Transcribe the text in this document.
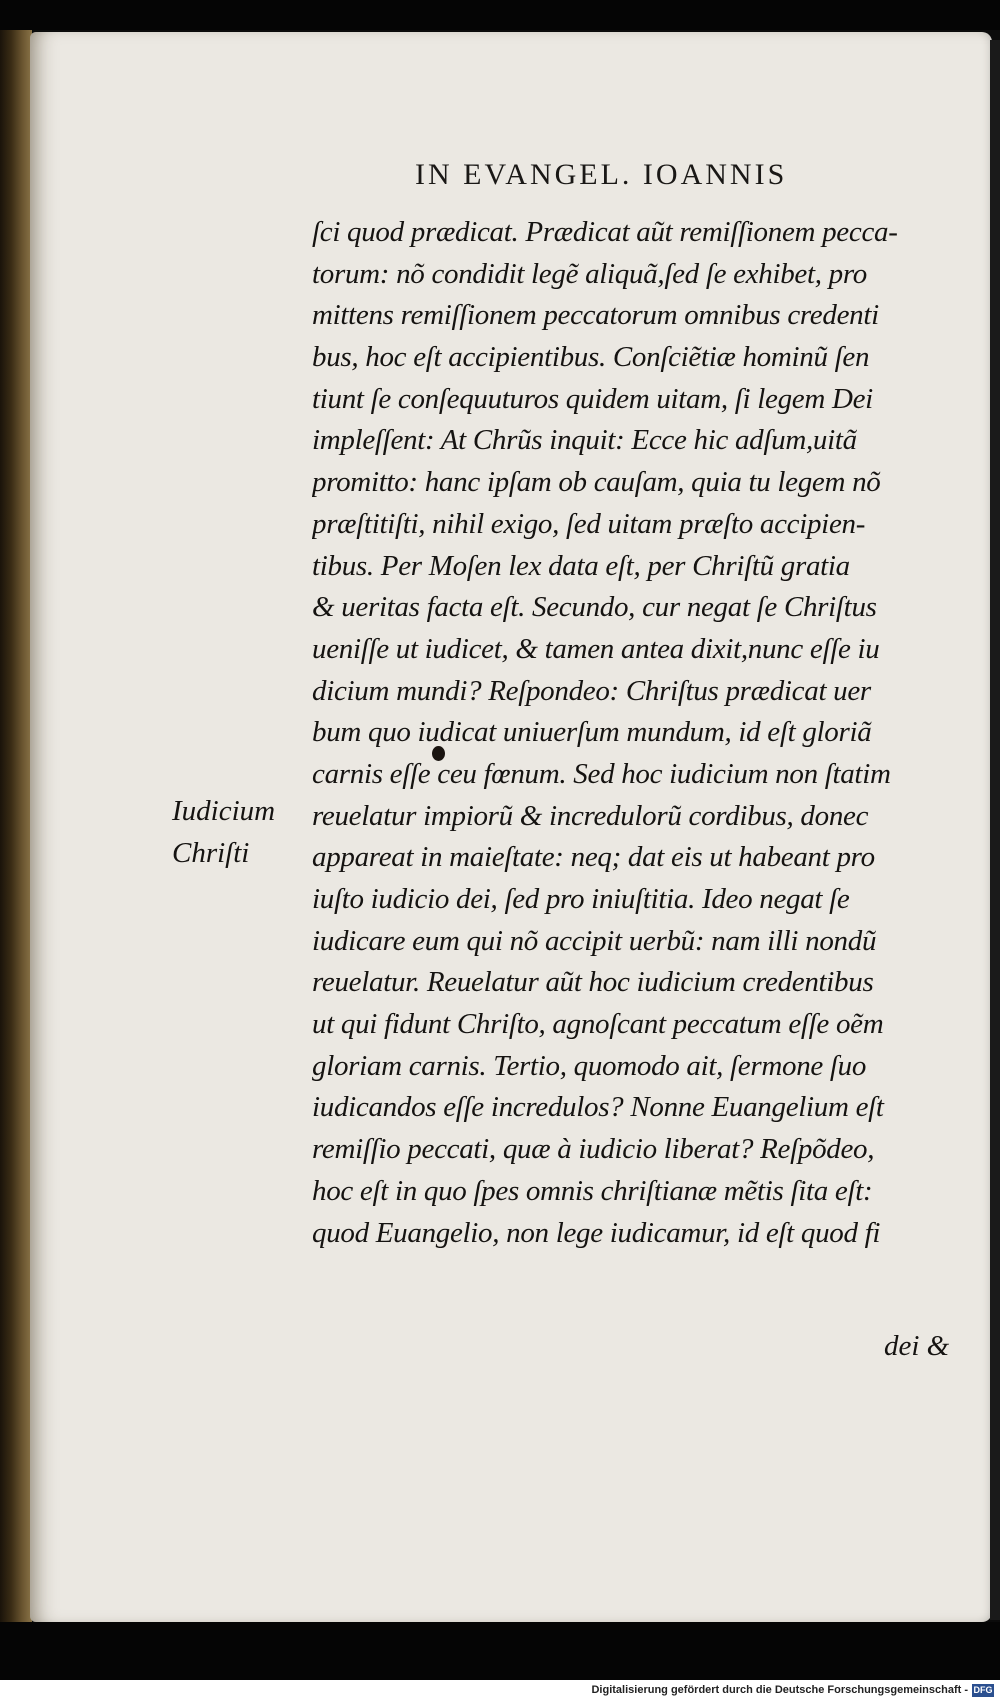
IN EVANGEL. IOANNIS
Iudicium
Chriſti
ſci quod prædicat. Prædicat aũt remiſſionem pecca-
torum: nõ condidit legẽ aliquã,ſed ſe exhibet, pro
mittens remiſſionem peccatorum omnibus credenti
bus, hoc eſt accipientibus. Conſciẽtiæ hominũ ſen
tiunt ſe conſequuturos quidem uitam, ſi legem Dei
impleſſent: At Chrũs inquit: Ecce hic adſum,uitã
promitto: hanc ipſam ob cauſam, quia tu legem nõ
præſtitiſti, nihil exigo, ſed uitam præſto accipien-
tibus. Per Moſen lex data eſt, per Chriſtũ gratia
& ueritas facta eſt. Secundo, cur negat ſe Chriſtus
ueniſſe ut iudicet, & tamen antea dixit,nunc eſſe iu
dicium mundi? Reſpondeo: Chriſtus prædicat uer
bum quo iudicat uniuerſum mundum, id eſt gloriã
carnis eſſe ceu fœnum. Sed hoc iudicium non ſtatim
reuelatur impiorũ & incredulorũ cordibus, donec
appareat in maieſtate: neq; dat eis ut habeant pro
iuſto iudicio dei, ſed pro iniuſtitia. Ideo negat ſe
iudicare eum qui nõ accipit uerbũ: nam illi nondũ
reuelatur. Reuelatur aũt hoc iudicium credentibus
ut qui fidunt Chriſto, agnoſcant peccatum eſſe oẽm
gloriam carnis. Tertio, quomodo ait, ſermone ſuo
iudicandos eſſe incredulos? Nonne Euangelium eſt
remiſſio peccati, quæ à iudicio liberat? Reſpõdeo,
hoc eſt in quo ſpes omnis chriſtianæ mẽtis ſita eſt:
quod Euangelio, non lege iudicamur, id eſt quod fi
dei &
Digitalisierung gefördert durch die Deutsche Forschungsgemeinschaft - DFG
